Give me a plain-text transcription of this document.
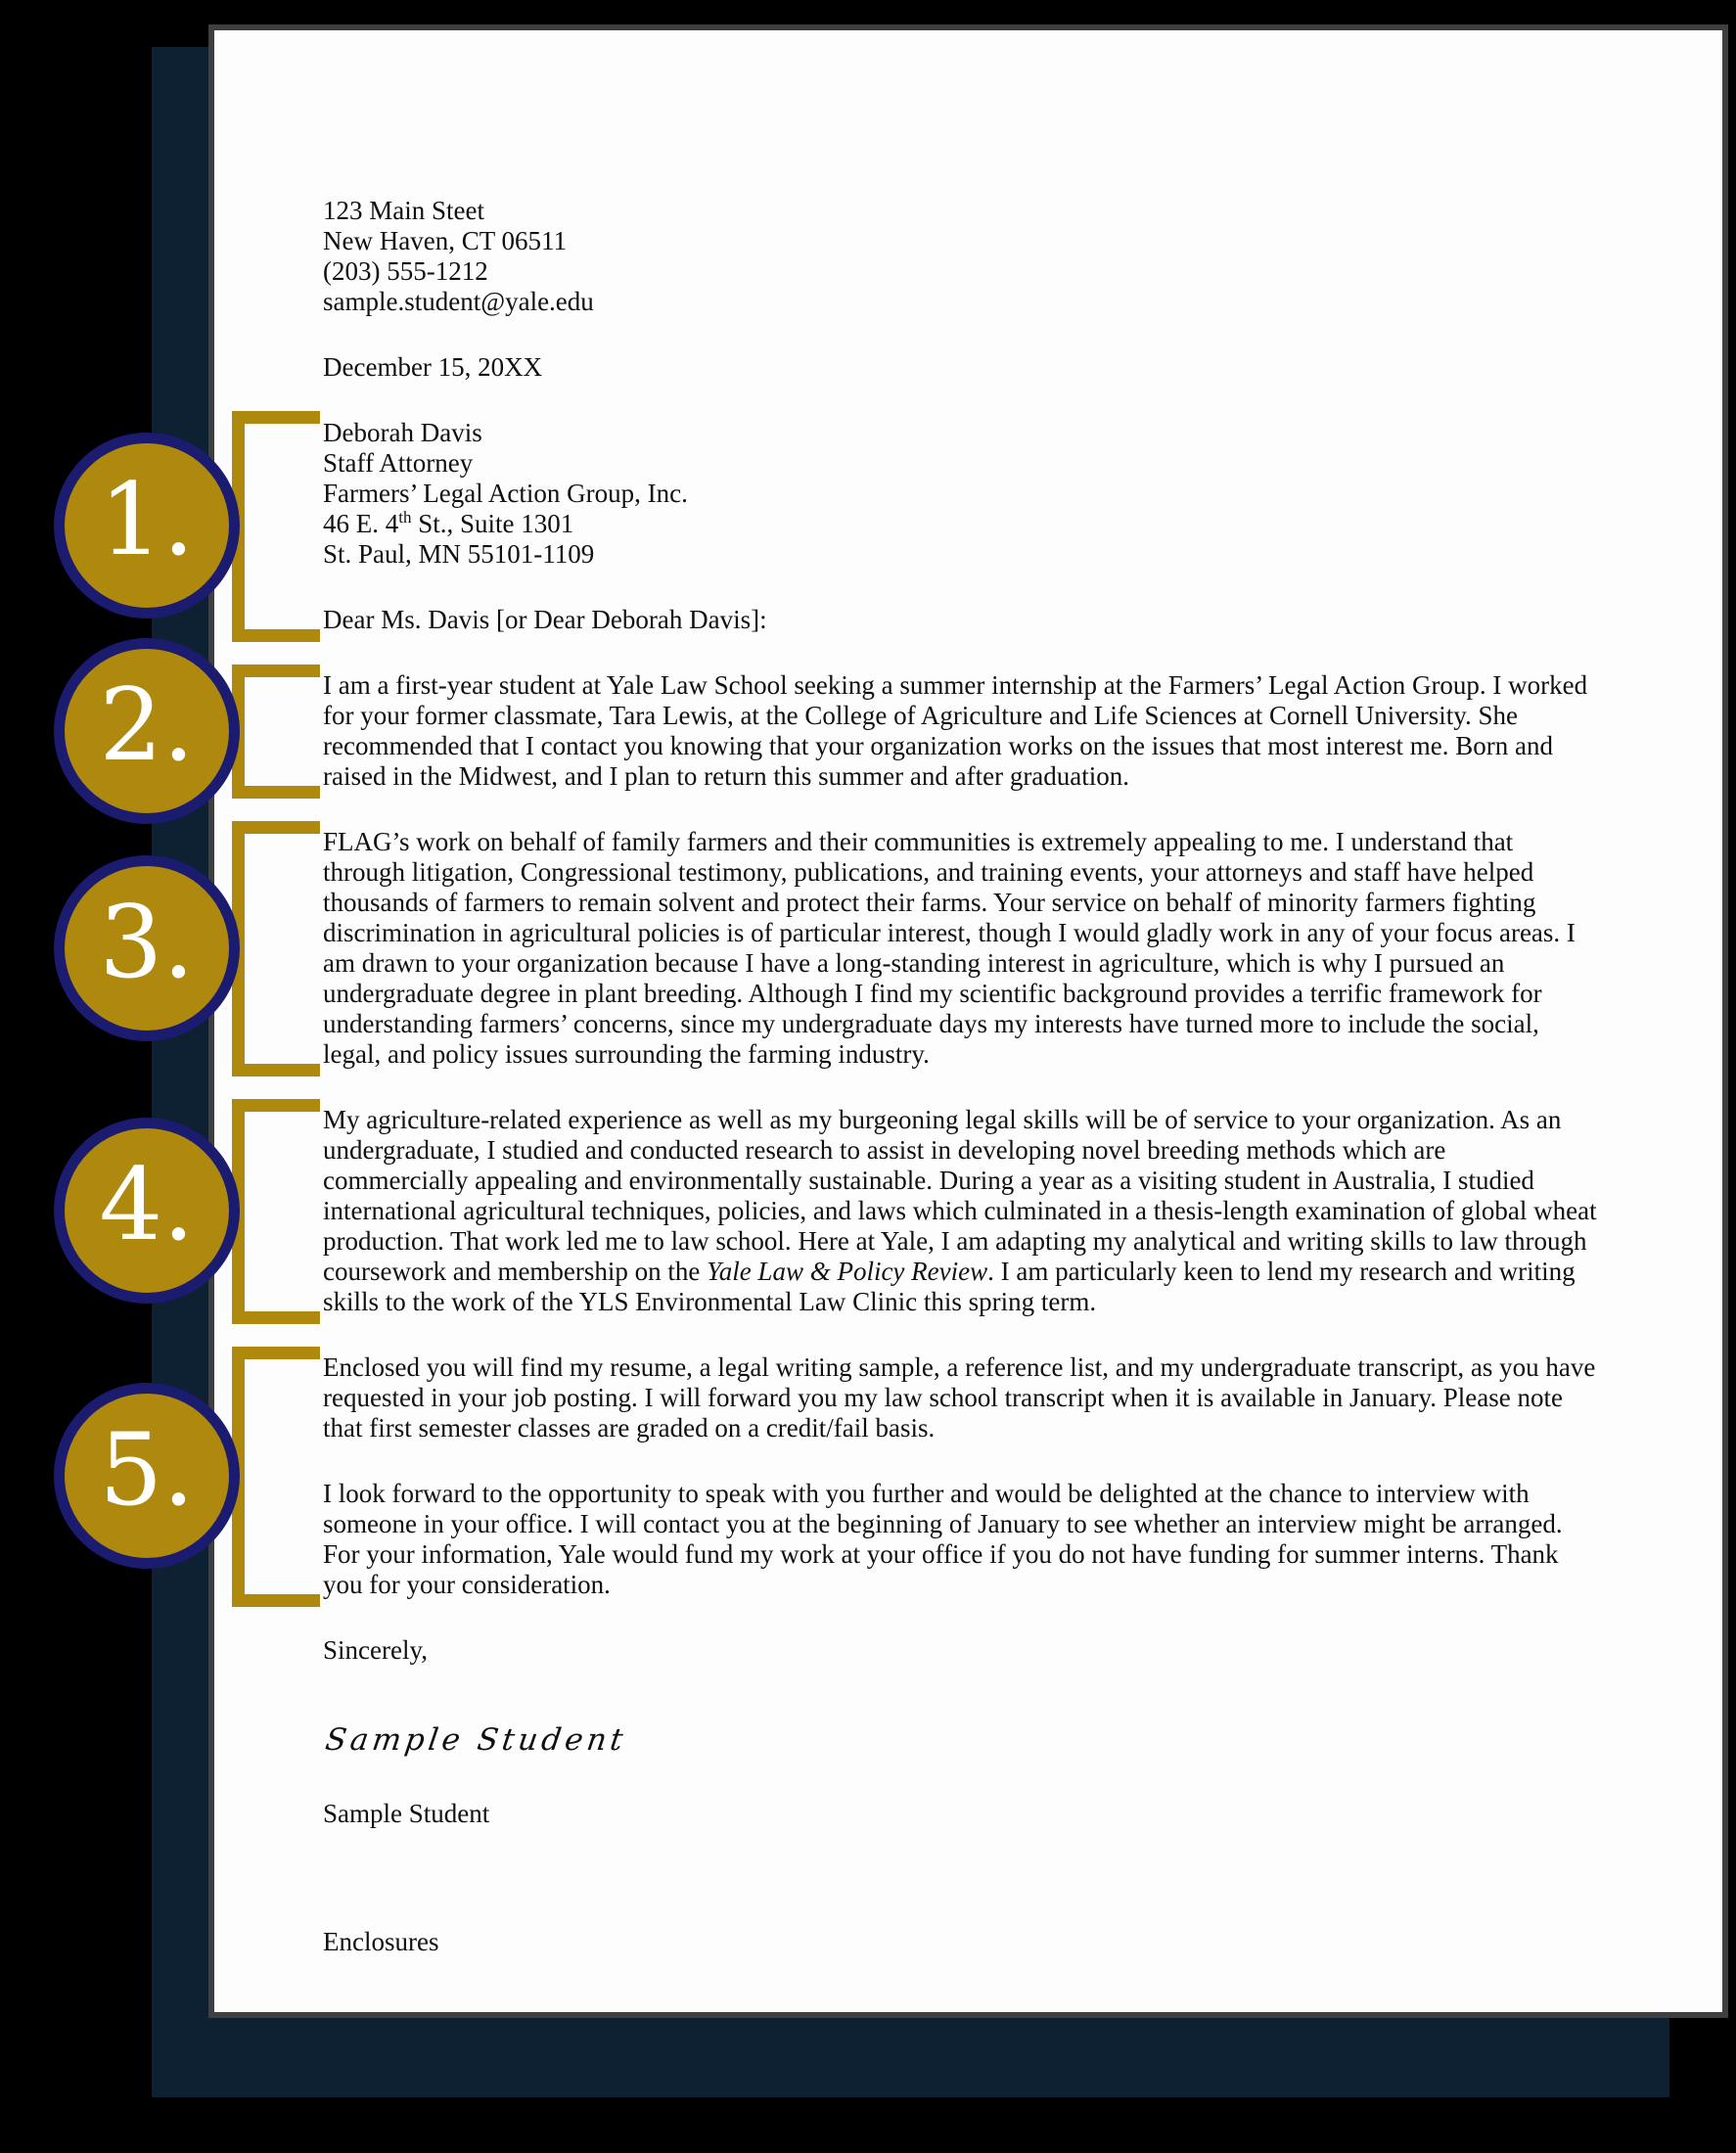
123 Main Steet
New Haven, CT 06511
(203) 555-1212
sample.student@yale.edu
December 15, 20XX
Deborah Davis
Staff Attorney
Farmers’ Legal Action Group, Inc.
46 E. 4th St., Suite 1301
St. Paul, MN 55101-1109
Dear Ms. Davis [or Dear Deborah Davis]:

I am a first-year student at Yale Law School seeking a summer internship at the Farmers’ Legal Action Group. I worked for your former classmate, Tara Lewis, at the College of Agriculture and Life Sciences at Cornell University. She recommended that I contact you knowing that your organization works on the issues that most interest me. Born and raised in the Midwest, and I plan to return this summer and after graduation.

FLAG’s work on behalf of family farmers and their communities is extremely appealing to me. I understand that through litigation, Congressional testimony, publications, and training events, your attorneys and staff have helped thousands of farmers to remain solvent and protect their farms. Your service on behalf of minority farmers fighting discrimination in agricultural policies is of particular interest, though I would gladly work in any of your focus areas. I am drawn to your organization because I have a long-standing interest in agriculture, which is why I pursued an undergraduate degree in plant breeding. Although I find my scientific background provides a terrific framework for understanding farmers’ concerns, since my undergraduate days my interests have turned more to include the social, legal, and policy issues surrounding the farming industry.

My agriculture-related experience as well as my burgeoning legal skills will be of service to your organization. As an undergraduate, I studied and conducted research to assist in developing novel breeding methods which are commercially appealing and environmentally sustainable. During a year as a visiting student in Australia, I studied international agricultural techniques, policies, and laws which culminated in a thesis-length examination of global wheat production. That work led me to law school. Here at Yale, I am adapting my analytical and writing skills to law through coursework and membership on the Yale Law & Policy Review. I am particularly keen to lend my research and writing skills to the work of the YLS Environmental Law Clinic this spring term.

Enclosed you will find my resume, a legal writing sample, a reference list, and my undergraduate transcript, as you have requested in your job posting. I will forward you my law school transcript when it is available in January. Please note that first semester classes are graded on a credit/fail basis.

I look forward to the opportunity to speak with you further and would be delighted at the chance to interview with someone in your office. I will contact you at the beginning of January to see whether an interview might be arranged. For your information, Yale would fund my work at your office if you do not have funding for summer interns. Thank you for your consideration.

Sincerely,
Sample Student
Sample Student
Enclosures
1.
2.
3.
4.
5.
